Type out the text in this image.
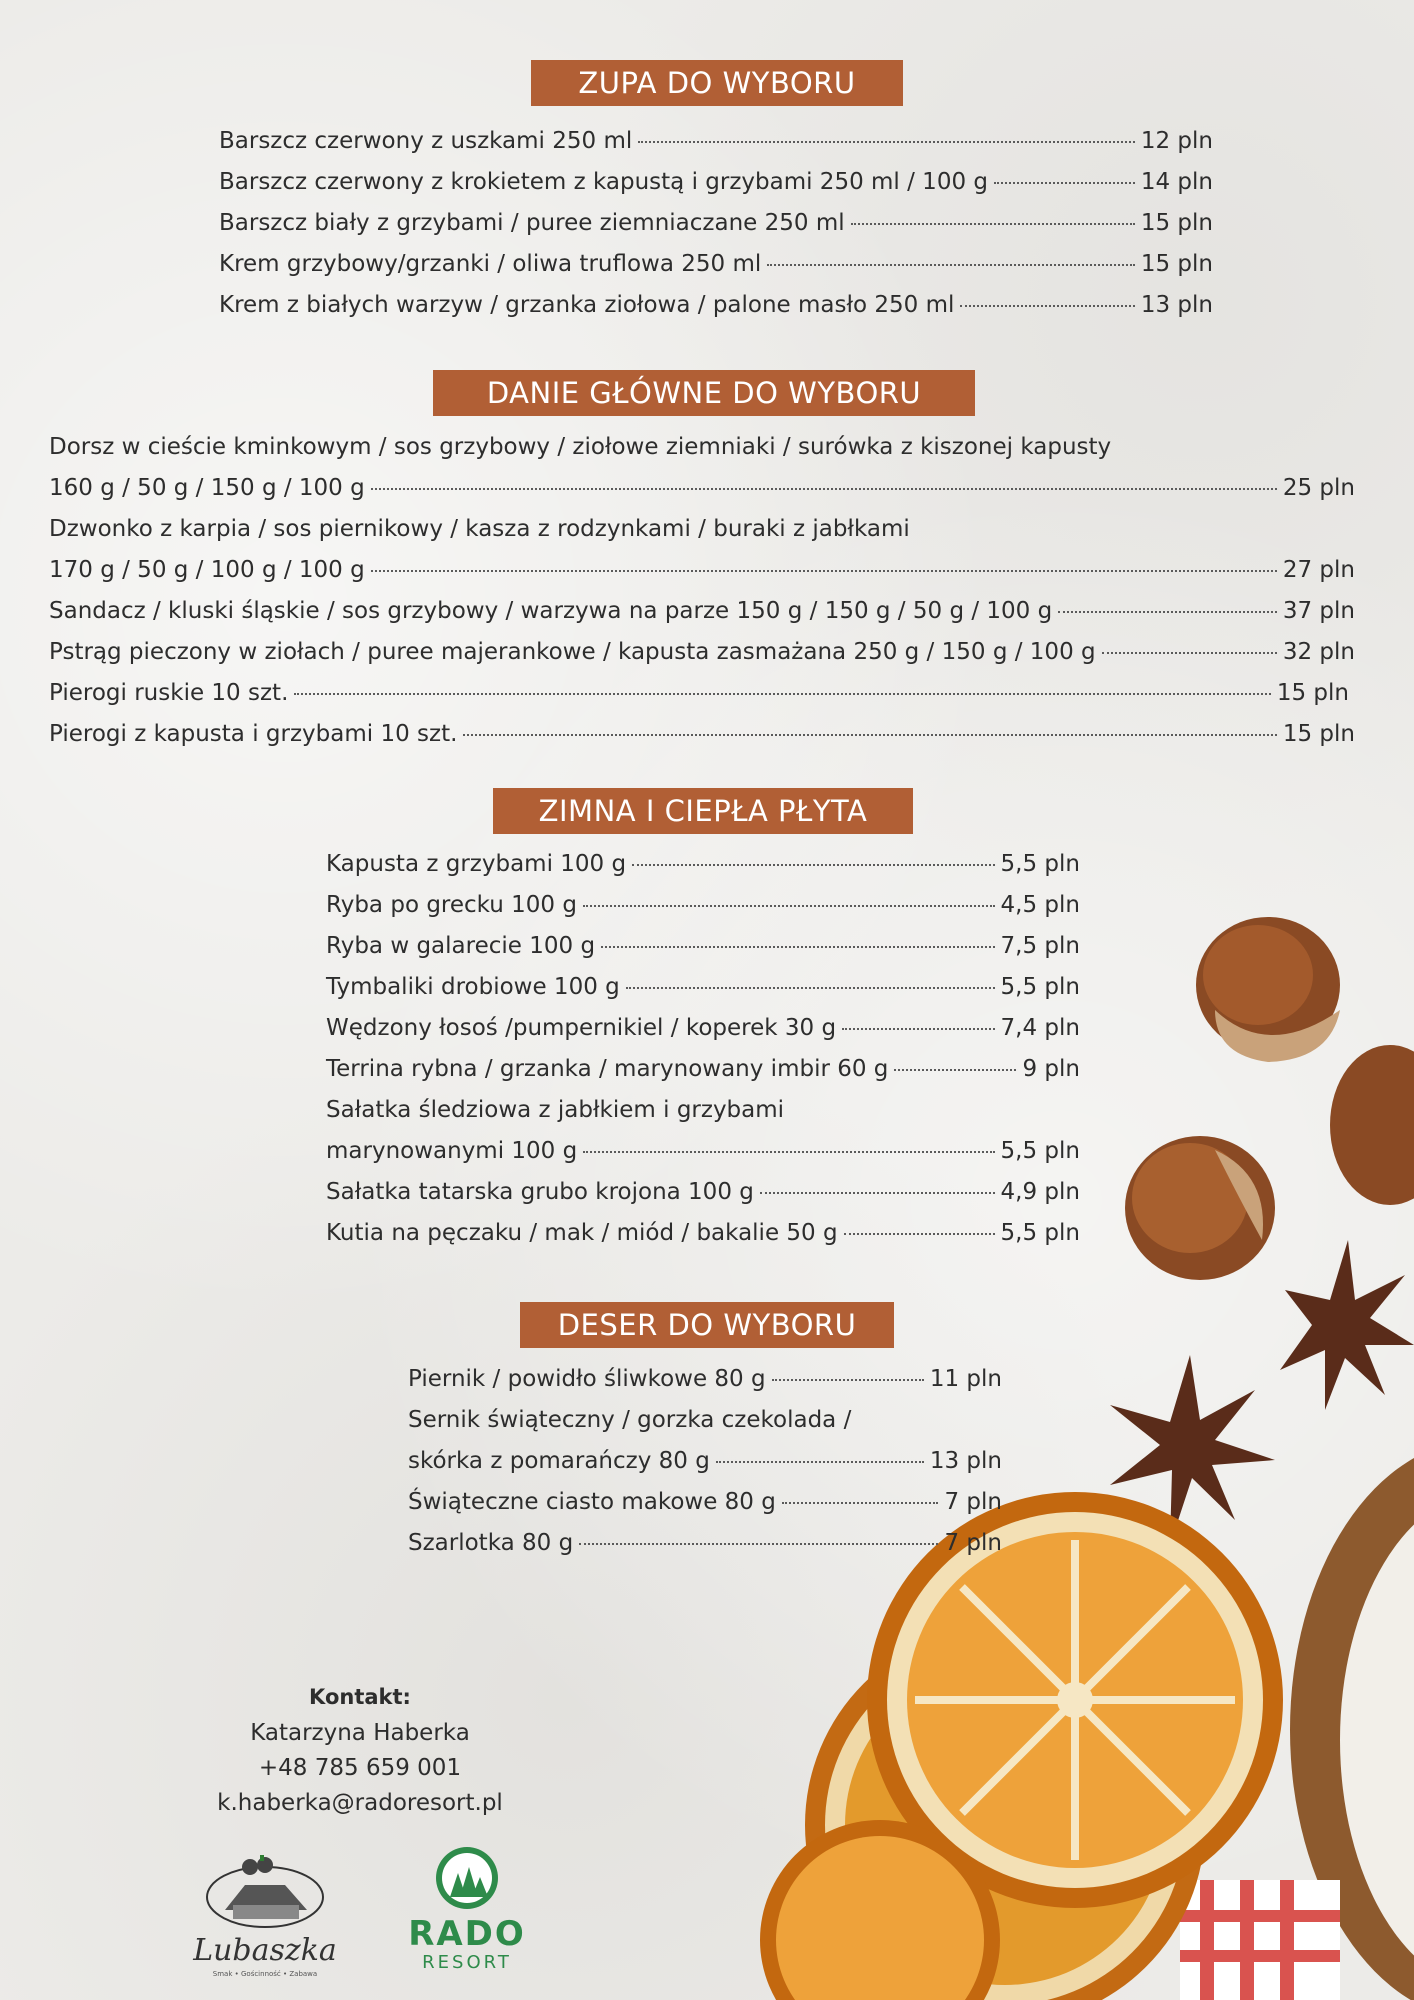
ZUPA DO WYBORU
Barszcz czerwony z uszkami 250 ml	12 pln
Barszcz czerwony z krokietem z kapustą i grzybami 250 ml / 100 g	14 pln
Barszcz biały z grzybami / puree ziemniaczane 250 ml	15 pln
Krem grzybowy/grzanki / oliwa truflowa 250 ml	15 pln
Krem z białych warzyw / grzanka ziołowa / palone masło 250 ml	13 pln
DANIE GŁÓWNE DO WYBORU
Dorsz w cieście kminkowym / sos grzybowy / ziołowe ziemniaki / surówka z kiszonej kapusty
160 g / 50 g / 150 g / 100 g	25 pln
Dzwonko z karpia / sos piernikowy / kasza z rodzynkami / buraki z jabłkami
170 g / 50 g / 100 g / 100 g	27 pln
Sandacz / kluski śląskie / sos grzybowy / warzywa na parze 150 g / 150 g / 50 g / 100 g	37 pln
Pstrąg pieczony w ziołach / puree majerankowe / kapusta zasmażana 250 g / 150 g / 100 g	32 pln
Pierogi ruskie 10 szt.	15 pln
Pierogi z kapusta i grzybami 10 szt.	15 pln
ZIMNA I CIEPŁA PŁYTA
Kapusta z grzybami 100 g	5,5 pln
Ryba po grecku 100 g	4,5 pln
Ryba w galarecie 100 g	7,5 pln
Tymbaliki drobiowe 100 g	5,5 pln
Wędzony łosoś /pumpernikiel / koperek 30 g	7,4 pln
Terrina rybna / grzanka / marynowany imbir 60 g	9 pln
Sałatka śledziowa z jabłkiem i grzybami
marynowanymi 100 g	5,5 pln
Sałatka tatarska grubo krojona 100 g	4,9 pln
Kutia na pęczaku / mak / miód / bakalie 50 g	5,5 pln
DESER DO WYBORU
Piernik / powidło śliwkowe 80 g	11 pln
Sernik świąteczny / gorzka czekolada /
skórka z pomarańczy 80 g	13 pln
Świąteczne ciasto makowe 80 g	7 pln
Szarlotka 80 g	7 pln
Kontakt:
Katarzyna Haberka
+48 785 659 001
k.haberka@radoresort.pl
Lubaszka
Smak • Gościnność • Zabawa
RADO
RESORT
